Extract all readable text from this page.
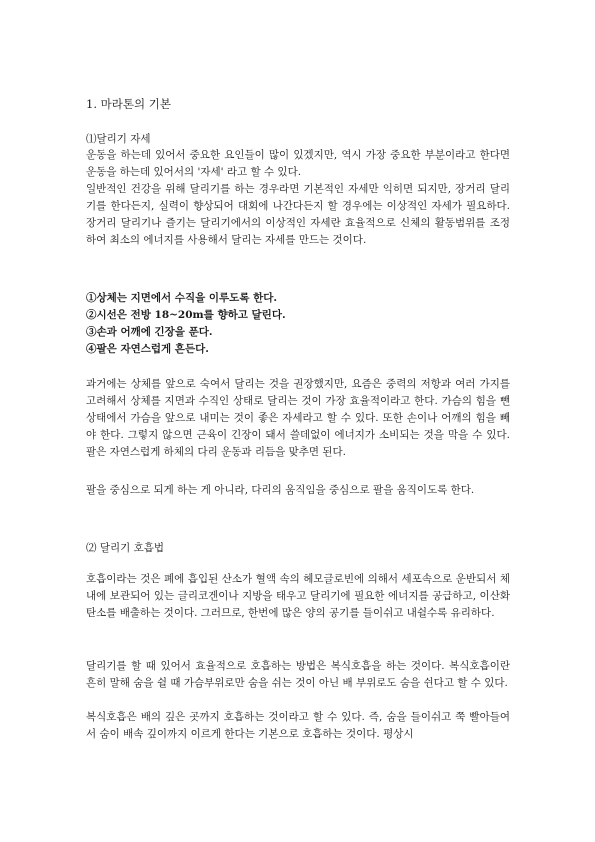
1. 마라톤의 기본
⑴달리기 자세
운동을 하는데 있어서 중요한 요인들이 많이 있겠지만, 역시 가장 중요한 부분이라고 한다면 운동을 하는데 있어서의 '자세' 라고 할 수 있다.
일반적인 건강을 위해 달리기를 하는 경우라면 기본적인 자세만 익히면 되지만, 장거리 달리기를 한다든지, 실력이 향상되어 대회에 나간다든지 할 경우에는 이상적인 자세가 필요하다. 장거리 달리기나 즐기는 달리기에서의 이상적인 자세란 효율적으로 신체의 활동범위를 조정하여 최소의 에너지를 사용해서 달리는 자세를 만드는 것이다.
①상체는 지면에서 수직을 이루도록 한다.
②시선은 전방 18~20m를 향하고 달린다.
③손과 어깨에 긴장을 푼다.
④팔은 자연스럽게 흔든다.
과거에는 상체를 앞으로 숙여서 달리는 것을 권장했지만, 요즘은 중력의 저항과 여러 가지를 고려해서 상체를 지면과 수직인 상태로 달리는 것이 가장 효율적이라고 한다. 가슴의 힘을 뺀 상태에서 가슴을 앞으로 내미는 것이 좋은 자세라고 할 수 있다. 또한 손이나 어깨의 힘을 빼야 한다. 그렇지 않으면 근육이 긴장이 돼서 쓸데없이 에너지가 소비되는 것을 막을 수 있다. 팔은 자연스럽게 하체의 다리 운동과 리듬을 맞추면 된다.
팔을 중심으로 되게 하는 게 아니라, 다리의 움직임을 중심으로 팔을 움직이도록 한다.
⑵ 달리기 호흡법
호흡이라는 것은 폐에 흡입된 산소가 혈액 속의 헤모글로빈에 의해서 세포속으로 운반되서 체내에 보관되어 있는 글리코겐이나 지방을 태우고 달리기에 필요한 에너지를 공급하고, 이산화탄소를 배출하는 것이다. 그러므로, 한번에 많은 양의 공기를 들이쉬고 내쉴수록 유리하다.
달리기를 할 때 있어서 효율적으로 호흡하는 방법은 복식호흡을 하는 것이다. 복식호흡이란 흔히 말해 숨을 쉴 때 가슴부위로만 숨을 쉬는 것이 아닌 배 부위로도 숨을 쉰다고 할 수 있다.
복식호흡은 배의 깊은 곳까지 호흡하는 것이라고 할 수 있다. 즉, 숨을 들이쉬고 쭉 빨아들여서 숨이 배속 깊이까지 이르게 한다는 기본으로 호흡하는 것이다. 평상시
